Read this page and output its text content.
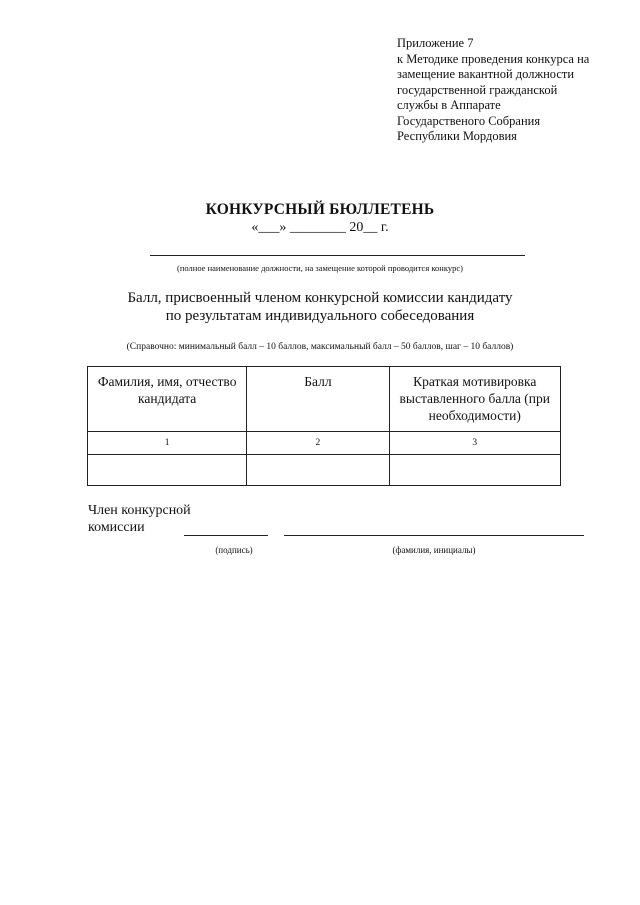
Приложение 7
к Методике проведения конкурса на
замещение вакантной должности
государственной гражданской
службы в Аппарате
Государственого Собрания
Республики Мордовия
КОНКУРСНЫЙ БЮЛЛЕТЕНЬ
«___» ________ 20__ г.
(полное наименование должности, на замещение которой проводится конкурс)
Балл, присвоенный членом конкурсной комиссии кандидату
по результатам индивидуального собеседования
(Справочно: минимальный балл – 10 баллов, максимальный балл – 50 баллов, шаг – 10 баллов)
Фамилия, имя, отчество кандидата	Балл	Краткая мотивировка выставленного балла (при необходимости)
1	2	3

Член конкурсной
комиссии
(подпись)	(фамилия, инициалы)
